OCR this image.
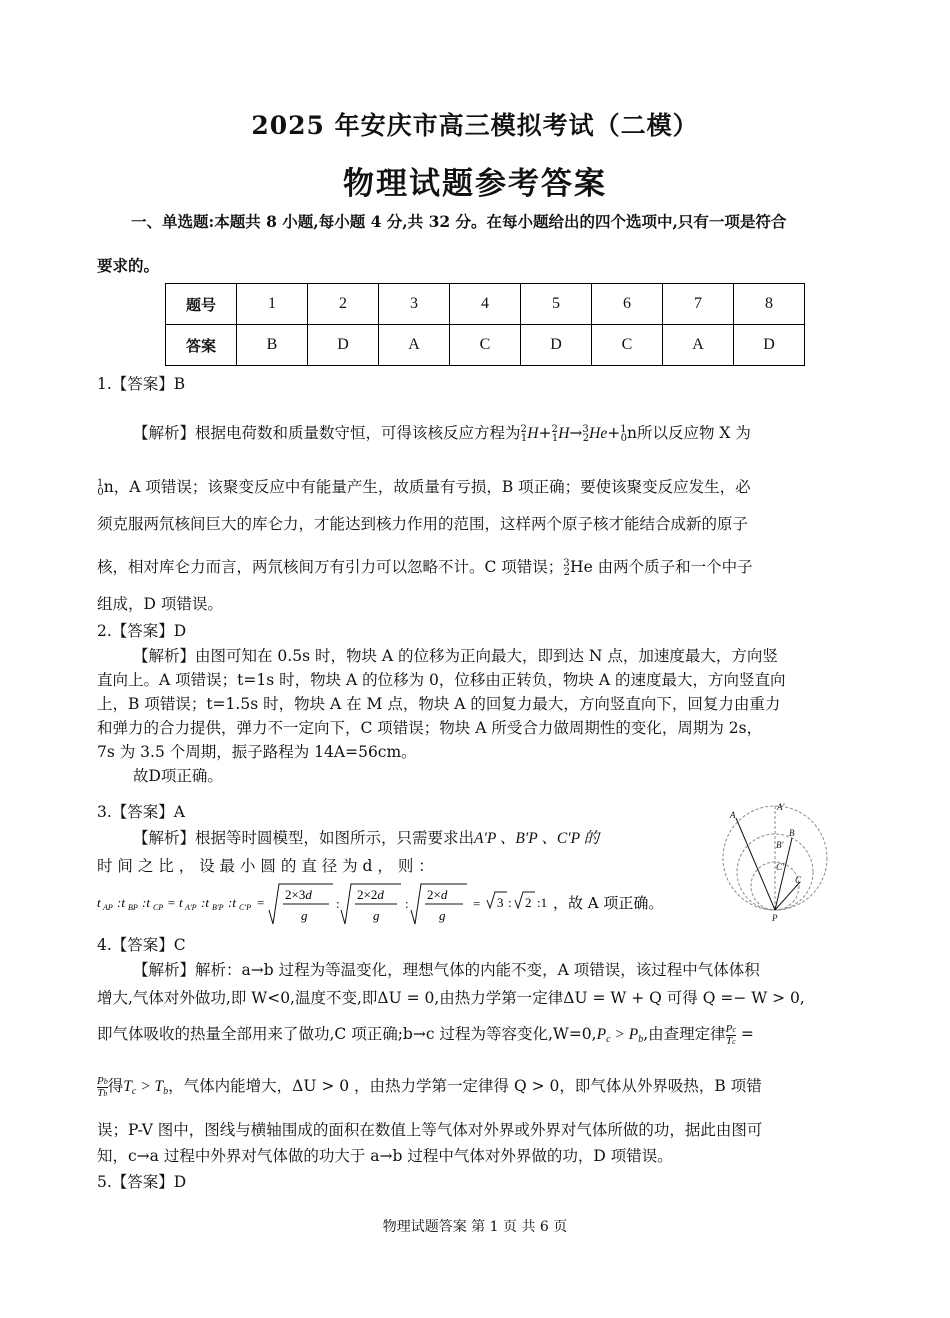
2025 年安庆市高三模拟考试（二模）
物理试题参考答案
一、单选题:本题共 8 小题,每小题 4 分,共 32 分。在每小题给出的四个选项中,只有一项是符合
要求的。
题号	1	2	3	4	5	6	7	8
答案	B	D	A	C	D	C	A	D
1.【答案】B
【解析】根据电荷数和质量数守恒，可得该核反应方程为$^2_1$H+$^2_1$H→$^3_2$He+$^1_0$n所以反应物 X 为
$^1_0$n，A 项错误；该聚变反应中有能量产生，故质量有亏损，B 项正确；要使该聚变反应发生，必
须克服两氘核间巨大的库仑力，才能达到核力作用的范围，这样两个原子核才能结合成新的原子
核，相对库仑力而言，两氘核间万有引力可以忽略不计。C 项错误；$^3_2$He 由两个质子和一个中子
组成，D 项错误。
2.【答案】D
【解析】由图可知在 0.5s 时，物块 A 的位移为正向最大，即到达 N 点，加速度最大，方向竖
直向上。A 项错误；t=1s 时，物块 A 的位移为 0，位移由正转负，物块 A 的速度最大，方向竖直向
上，B 项错误；t=1.5s 时，物块 A 在 M 点，物块 A 的回复力最大，方向竖直向下，回复力由重力
和弹力的合力提供，弹力不一定向下，C 项错误；物块 A 所受合力做周期性的变化，周期为 2s，
7s 为 3.5 个周期，振子路程为 14A=56cm。
故D项正确。
3.【答案】A
【解析】根据等时圆模型，如图所示，只需要求出A′P 、B′P 、C′P 的
时 间 之 比 ， 设 最 小 圆 的 直 径 为 d ， 则 ：
t AP :t BP :t CP = t A′P :t B′P :t C′P =
2×3d
g
:
2×2d
g
:
2×d
g
= 3 : 2 :1 ，故 A 项正确。
A
A′
B
B′
C′
C
P
4.【答案】C
【解析】解析：a→b 过程为等温变化，理想气体的内能不变，A 项错误，该过程中气体体积
增大,气体对外做功,即 W<0,温度不变,即ΔU = 0,由热力学第一定律ΔU = W + Q 可得 Q =− W > 0,
即气体吸收的热量全部用来了做功,C 项正确;b→c 过程为等容变化$,W=0,P_c > P_b$,由查理定律 $\frac{Pc}{Tc}$ =
$\frac{Pb}{Tb}$ 得$T_c > T_b$，气体内能增大，ΔU > 0 ，由热力学第一定律得 Q > 0，即气体从外界吸热，B 项错
误；P-V 图中，图线与横轴围成的面积在数值上等气体对外界或外界对气体所做的功，据此由图可
知，c→a 过程中外界对气体做的功大于 a→b 过程中气体对外界做的功，D 项错误。
5.【答案】D
物理试题答案 第 1 页 共 6 页
